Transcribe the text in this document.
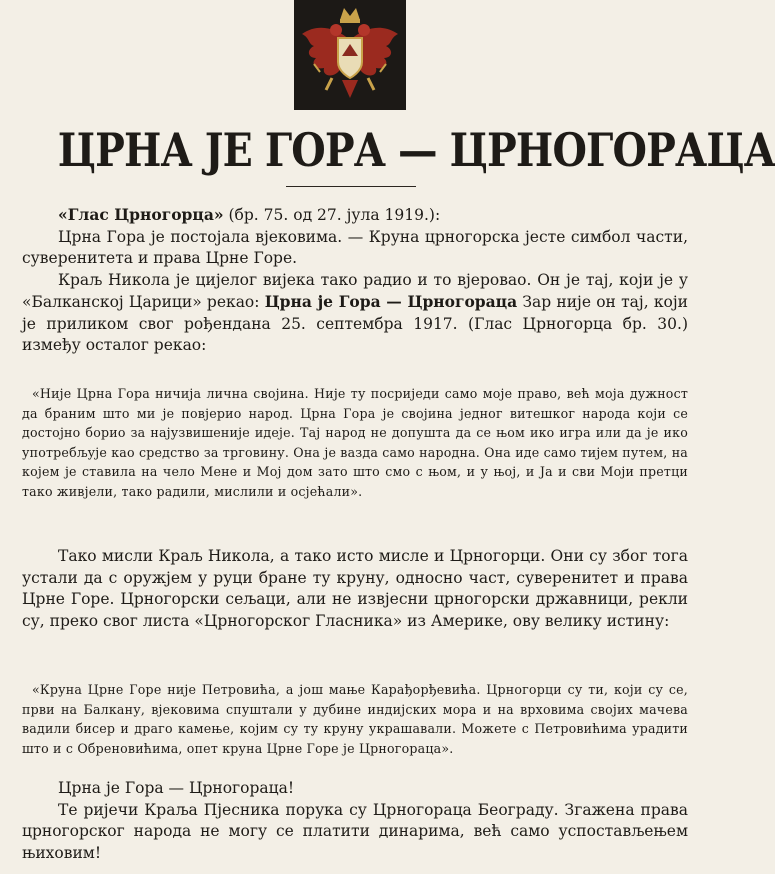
ЦРНА ЈЕ ГОРА — ЦРНОГОРАЦА

«Глас Црногорца» (бр. 75. од 27. јула 1919.):

Црна Гора је постојала вјековима. — Круна црногорска јесте симбол части, суверенитета и права Црне Горе.

Краљ Никола је цијелог вијека тако радио и то вјеровао. Он је тај, који је у «Балканској Царици» рекао: Црна је Гора — Црногораца Зар није он тај, који је приликом свог рођендана 25. септембра 1917. (Глас Црногорца бр. 30.) између осталог рекао:

«Није Црна Гора ничија лична својина. Није ту посриједи само моје право, већ моја дужност да браним што ми је повјерио народ. Црна Гора је својина једног витешког народа који се достојно борио за најузвишеније идеје. Тај народ не допушта да се њом ико игра или да је ико употребљује као средство за трговину. Она је вазда само народна. Она иде само тијем путем, на којем је ставила на чело Мене и Мој дом зато што смо с њом, и у њој, и Ја и сви Моји претци тако живјели, тако радили, мислили и осјећали».

Тако мисли Краљ Никола, а тако исто мисле и Црногорци. Они су због тога устали да с оружјем у руци бране ту круну, односно част, суверенитет и права Црне Горе. Црногорски сељаци, али не извјесни црногорски државници, рекли су, преко свог листа «Црногорског Гласника» из Америке, ову велику истину:

«Круна Црне Горе није Петровића, а још мање Карађорђевића. Црногорци су ти, који су се, први на Балкану, вјековима спуштали у дубине индијских мора и на врховима својих мачева вадили бисер и драго камење, којим су ту круну украшавали. Можете с Петровићима урадити што и с Обреновићима, опет круна Црне Горе је Црногораца».

Црна је Гора — Црногораца!

Те ријечи Краља Пјесника порука су Црногораца Београду. Згажена права црногорског народа не могу се платити динарима, већ само успостављењем њиховим!
